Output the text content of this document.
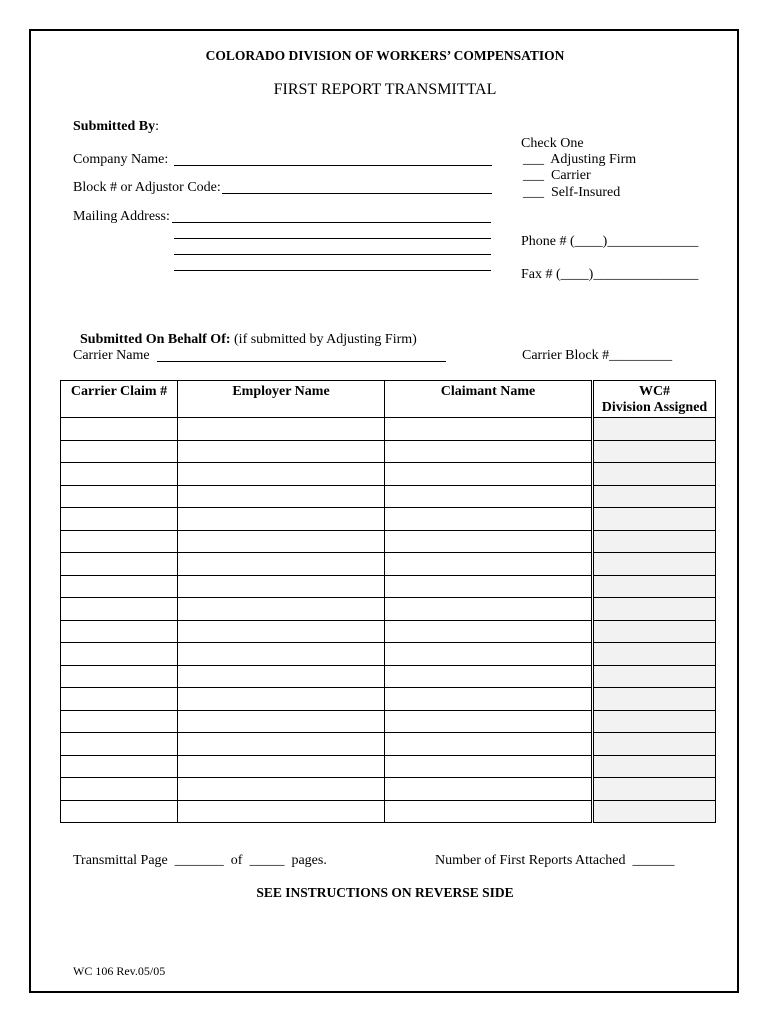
COLORADO DIVISION OF WORKERS’ COMPENSATION
FIRST REPORT TRANSMITTAL
Submitted By:
Company Name:
Block # or Adjustor Code:
Mailing Address:
Check One
___  Adjusting Firm
___  Carrier
___  Self-Insured
Phone # (____)_____________
Fax # (____)_______________

Submitted On Behalf Of: (if submitted by Adjusting Firm)

Carrier Name	Carrier Block #_________
Carrier Claim #	Employer Name	Claimant Name	WC#
Division Assigned

Transmittal Page _______ of _____ pages.	Number of First Reports Attached ______
SEE INSTRUCTIONS ON REVERSE SIDE
WC 106 Rev.05/05
